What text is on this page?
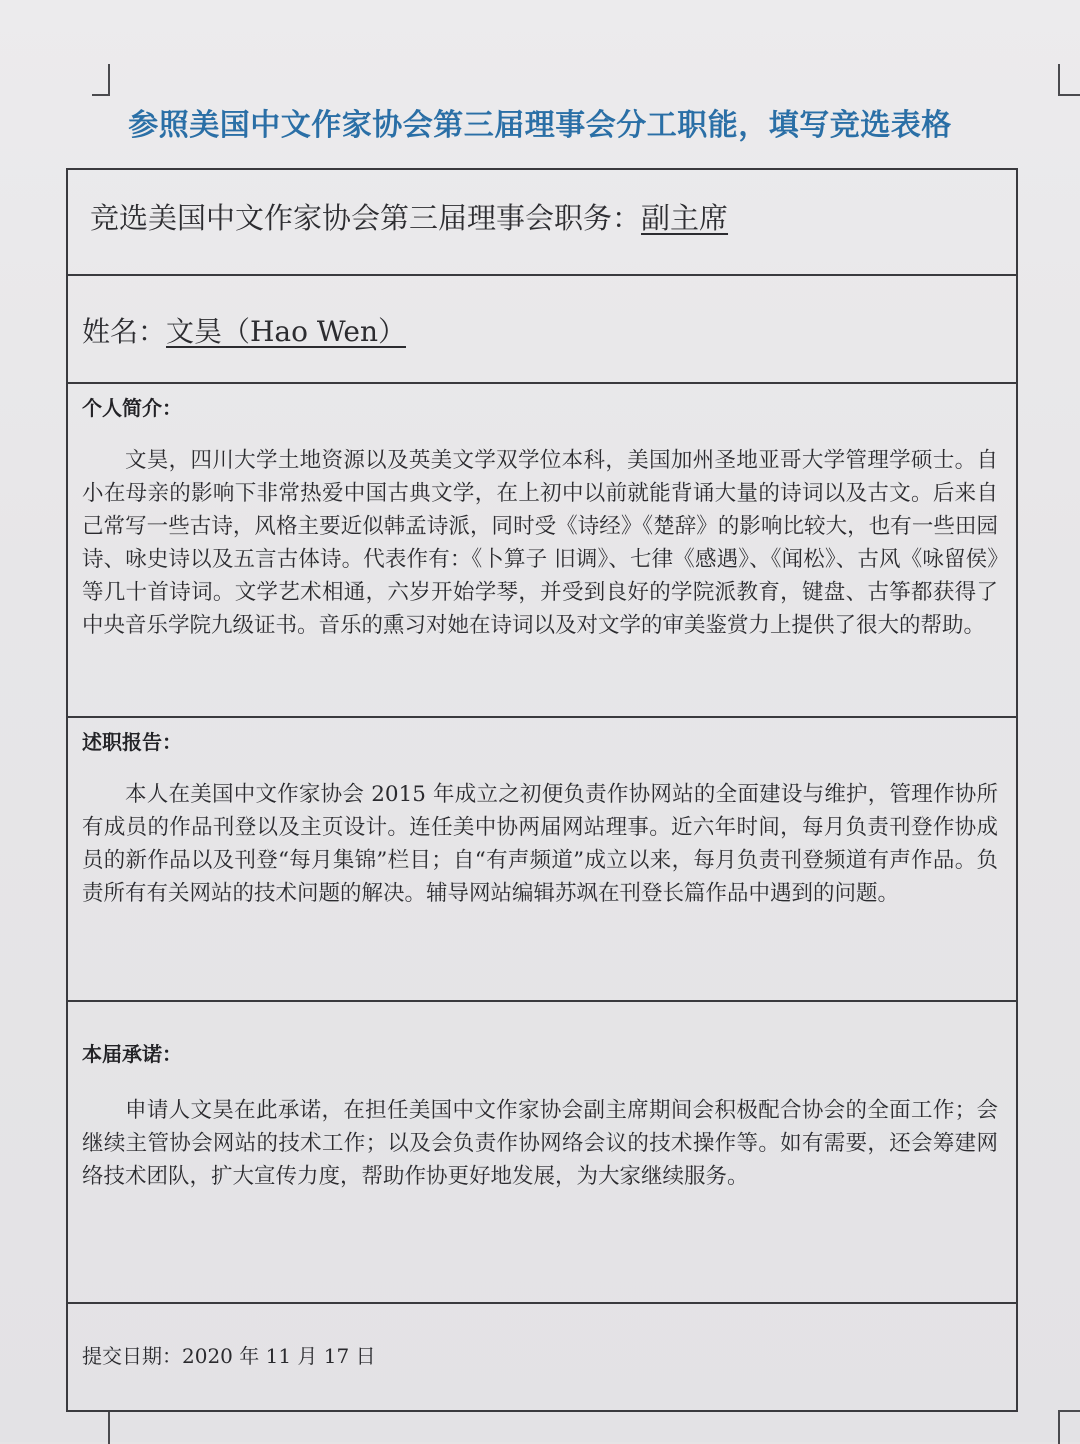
参照美国中文作家协会第三届理事会分工职能，填写竞选表格
竞选美国中文作家协会第三届理事会职务：副主席
姓名：文昊（Hao Wen）
个人简介：
文昊，四川大学土地资源以及英美文学双学位本科，美国加州圣地亚哥大学管理学硕士。自小在母亲的影响下非常热爱中国古典文学，在上初中以前就能背诵大量的诗词以及古文。后来自己常写一些古诗，风格主要近似韩孟诗派，同时受《诗经》《楚辞》的影响比较大，也有一些田园诗、咏史诗以及五言古体诗。代表作有：《卜算子 旧调》、七律《感遇》、《闻松》、古风《咏留侯》等几十首诗词。文学艺术相通，六岁开始学琴，并受到良好的学院派教育，键盘、古筝都获得了中央音乐学院九级证书。音乐的熏习对她在诗词以及对文学的审美鉴赏力上提供了很大的帮助。
述职报告：
本人在美国中文作家协会 2015 年成立之初便负责作协网站的全面建设与维护，管理作协所有成员的作品刊登以及主页设计。连任美中协两届网站理事。近六年时间，每月负责刊登作协成员的新作品以及刊登“每月集锦”栏目；自“有声频道”成立以来，每月负责刊登频道有声作品。负责所有有关网站的技术问题的解决。辅导网站编辑苏飒在刊登长篇作品中遇到的问题。
本届承诺：
申请人文昊在此承诺，在担任美国中文作家协会副主席期间会积极配合协会的全面工作；会继续主管协会网站的技术工作；以及会负责作协网络会议的技术操作等。如有需要，还会筹建网络技术团队，扩大宣传力度，帮助作协更好地发展，为大家继续服务。
提交日期：2020 年 11 月 17 日
